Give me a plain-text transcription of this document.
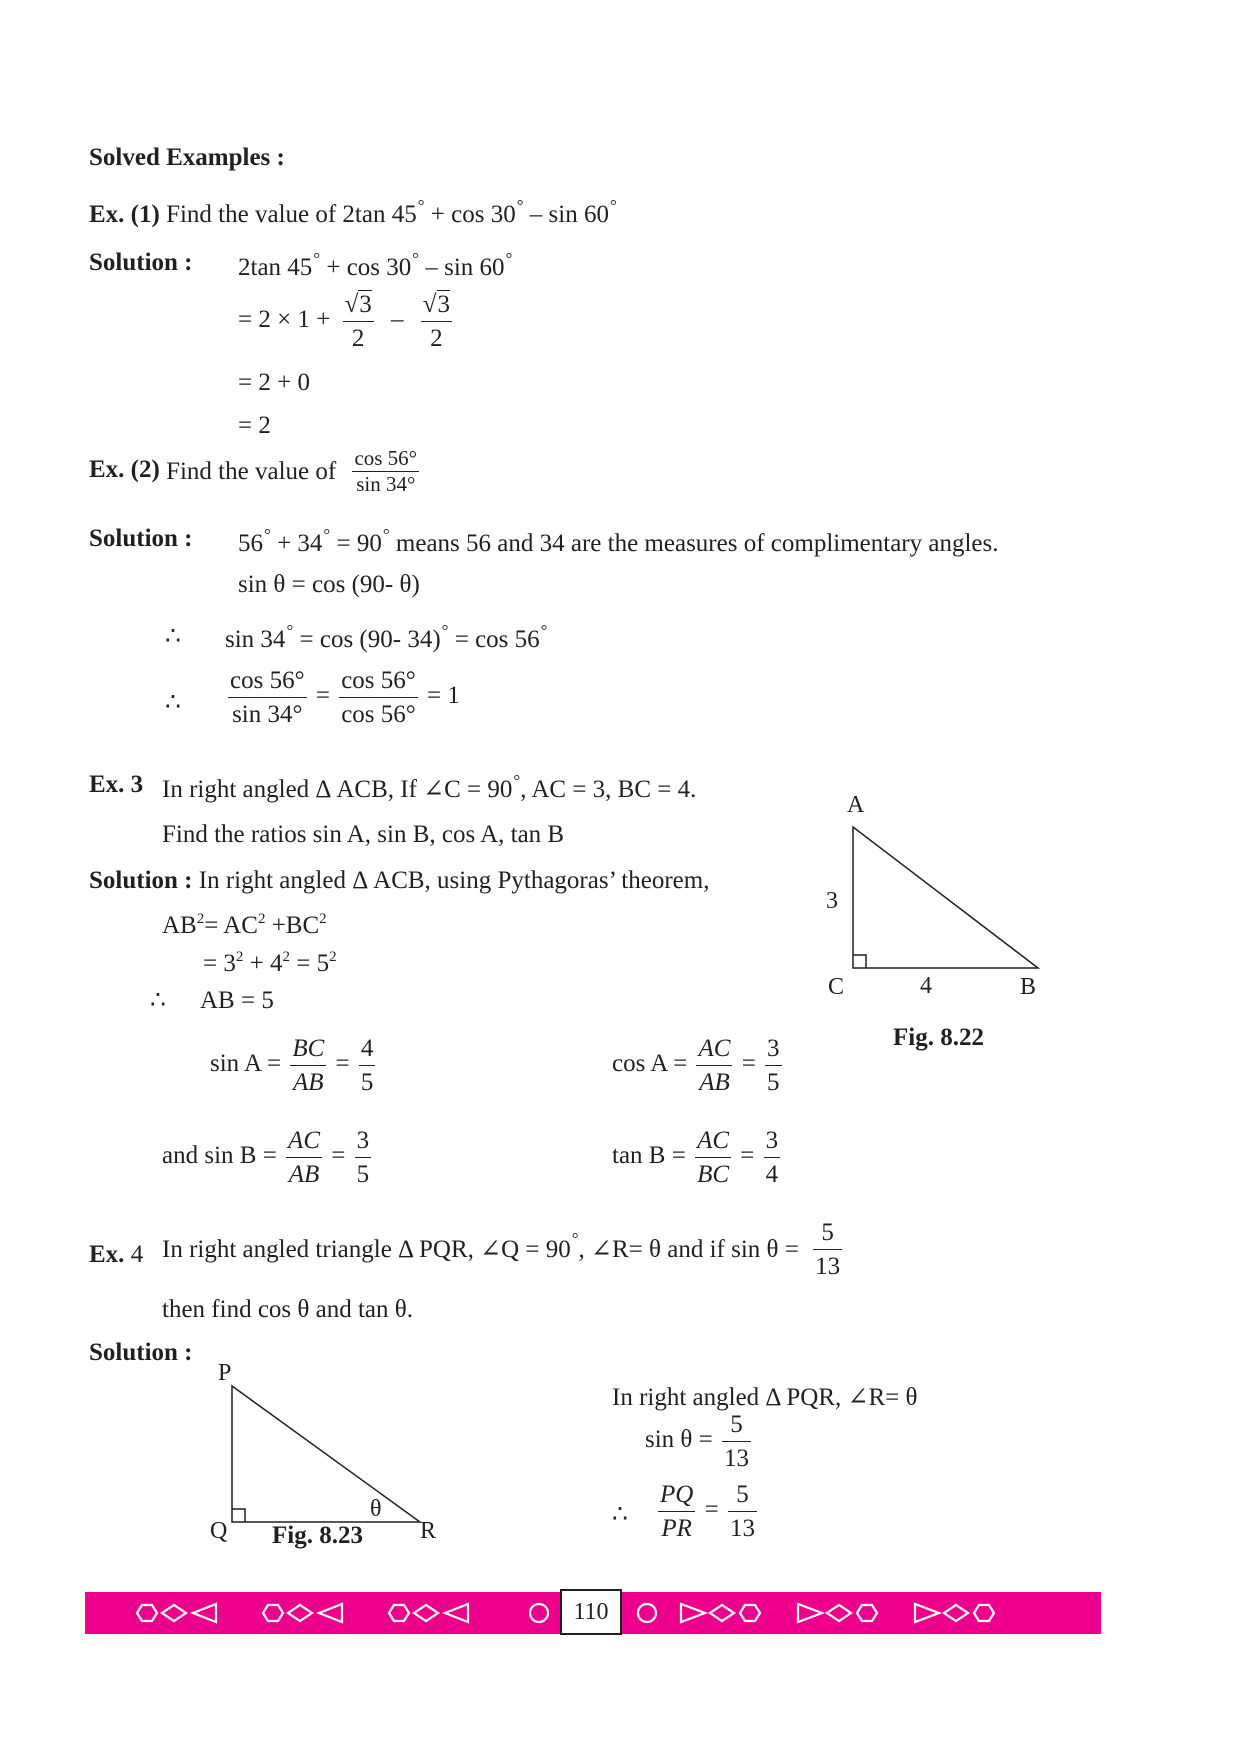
Solved Examples :
Ex. (1) Find the value of 2tan 45° + cos 30° – sin 60°
Solution : 2tan 45° + cos 30° – sin 60°
= $2 \times 1 + \frac{√3}{2} - \frac{√3}{2}$
= 2 + 0
= 2
Ex. (2) Find the value of $\frac{\cos 56^\circ}{\sin 34^\circ}$
Solution : 56° + 34° = 90° means 56 and 34 are the measures of complimentary angles.
sin θ = cos (90- θ)
∴ sin 34° = cos (90- 34)° = cos 56°
∴ $\frac{\cos 56^\circ}{\sin 34^\circ} = \frac{\cos 56^\circ}{\cos 56^\circ} = 1$
Ex. 3 In right angled Δ ACB, If ∠C = 90°, AC = 3, BC = 4.
Find the ratios sin A, sin B, cos A, tan B
Solution : In right angled Δ ACB, using Pythagoras’ theorem,
$AB^2= AC^2 +BC^2$
= $3^2 + 4^2 = 5^2$
∴ AB = 5
$\sin A = \frac{BC}{AB} = \frac{4}{5}$	$\cos A = \frac{AC}{AB} = \frac{3}{5}$
and $\sin B = \frac{AC}{AB} = \frac{3}{5}$	$\tan B = \frac{AC}{BC} = \frac{3}{4}$
A
C	B
3
4
Fig. 8.22
Ex. 4 In right angled triangle Δ PQR, ∠Q = 90°, ∠R= θ and if $\sin \theta = \frac{5}{13}$
then find cos θ and tan θ.
Solution :
P
Q	R
θ
Fig. 8.23
In right angled Δ PQR, ∠R= θ
$\sin \theta = \frac{5}{13}$
∴ $\frac{PQ}{PR} = \frac{5}{13}$
110
